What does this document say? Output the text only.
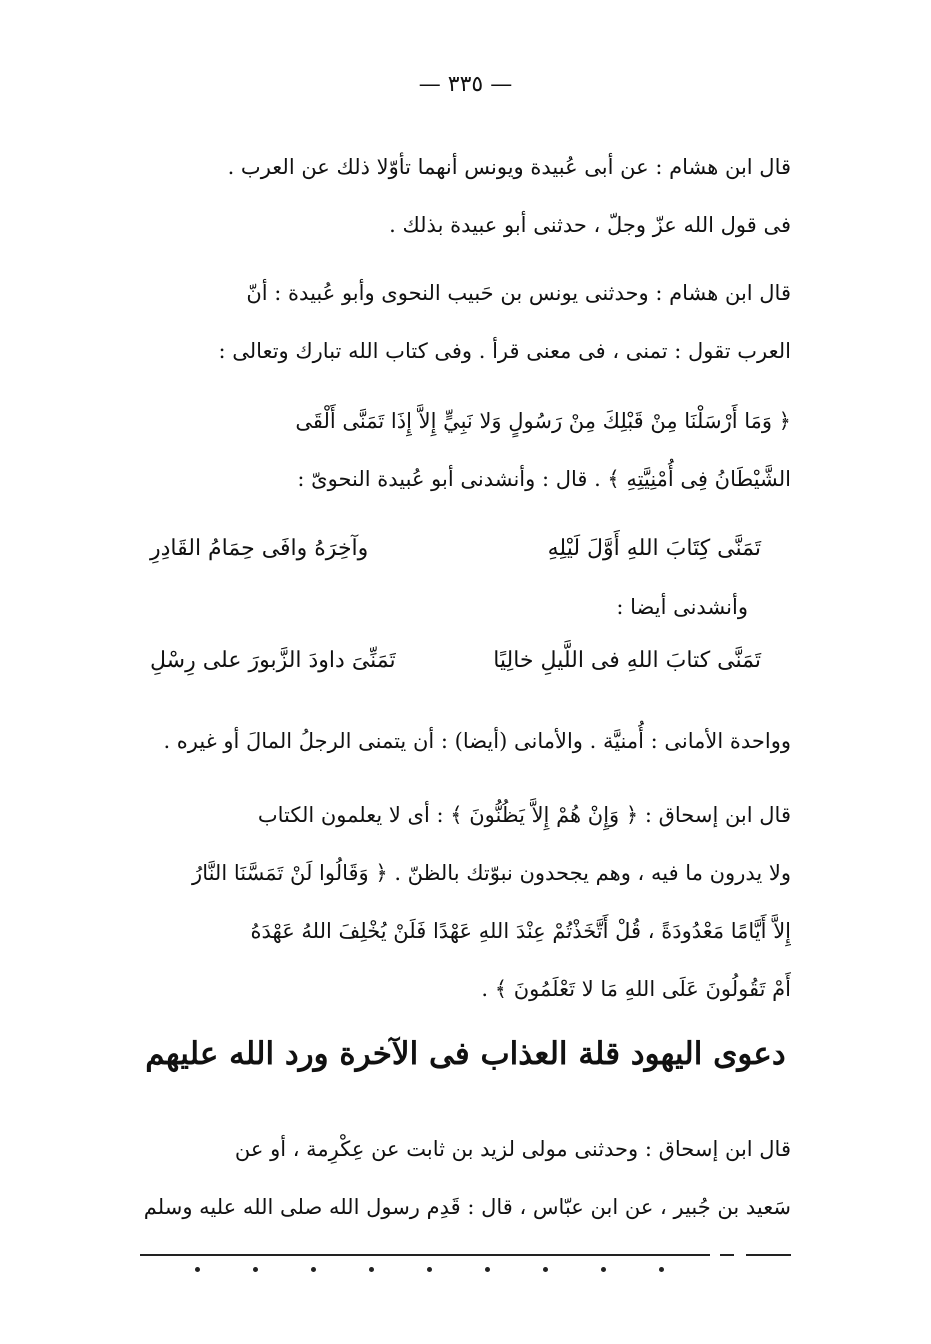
— ٣٣٥ —
قال ابن هشام : عن أبى عُبيدة ويونس أنهما تأوّلا ذلك عن العرب .
فى قول الله عزّ وجلّ ، حدثنى أبو عبيدة بذلك .
قال ابن هشام : وحدثنى يونس بن حَبيب النحوى وأبو عُبيدة : أنّ
العرب تقول : تمنى ، فى معنى قرأ . وفى كتاب الله تبارك وتعالى :
﴿ وَمَا أَرْسَلْنَا مِنْ قَبْلِكَ مِنْ رَسُولٍ وَلا نَبِيٍّ إِلاَّ إِذَا تَمَنَّى أَلْقَى
الشَّيْطَانُ فِى أُمْنِيَّتِهِ ﴾ . قال : وأنشدنى أبو عُبيدة النحوىّ :
تَمَنَّى كِتَابَ اللهِ أَوَّلَ لَيْلِهِ
وآخِرَهُ وافَى حِمَامُ القَادِرِ
وأنشدنى أيضا :
تَمَنَّى كتابَ اللهِ فى اللَّيلِ خالِيًا
تَمَنِّىَ داودَ الزَّبورَ على رِسْلِ
وواحدة الأمانى : أُمنيَّة . والأمانى (أيضا) : أن يتمنى الرجلُ المالَ أو غيره .
قال ابن إسحاق : ﴿ وَإِنْ هُمْ إِلاَّ يَظُنُّونَ ﴾ : أى لا يعلمون الكتاب
ولا يدرون ما فيه ، وهم يجحدون نبوّتك بالظنّ . ﴿ وَقَالُوا لَنْ تَمَسَّنَا النَّارُ
إِلاَّ أَيَّامًا مَعْدُودَةً ، قُلْ أَتَّخَذْتُمْ عِنْدَ اللهِ عَهْدًا فَلَنْ يُخْلِفَ اللهُ عَهْدَهُ
أَمْ تَقُولُونَ عَلَى اللهِ مَا لا تَعْلَمُونَ ﴾ .
دعوى اليهود قلة العذاب فى الآخرة ورد الله عليهم
قال ابن إسحاق : وحدثنى مولى لزيد بن ثابت عن عِكْرِمة ، أو عن
سَعيد بن جُبير ، عن ابن عبّاس ، قال : قَدِم رسول الله صلى الله عليه وسلم
